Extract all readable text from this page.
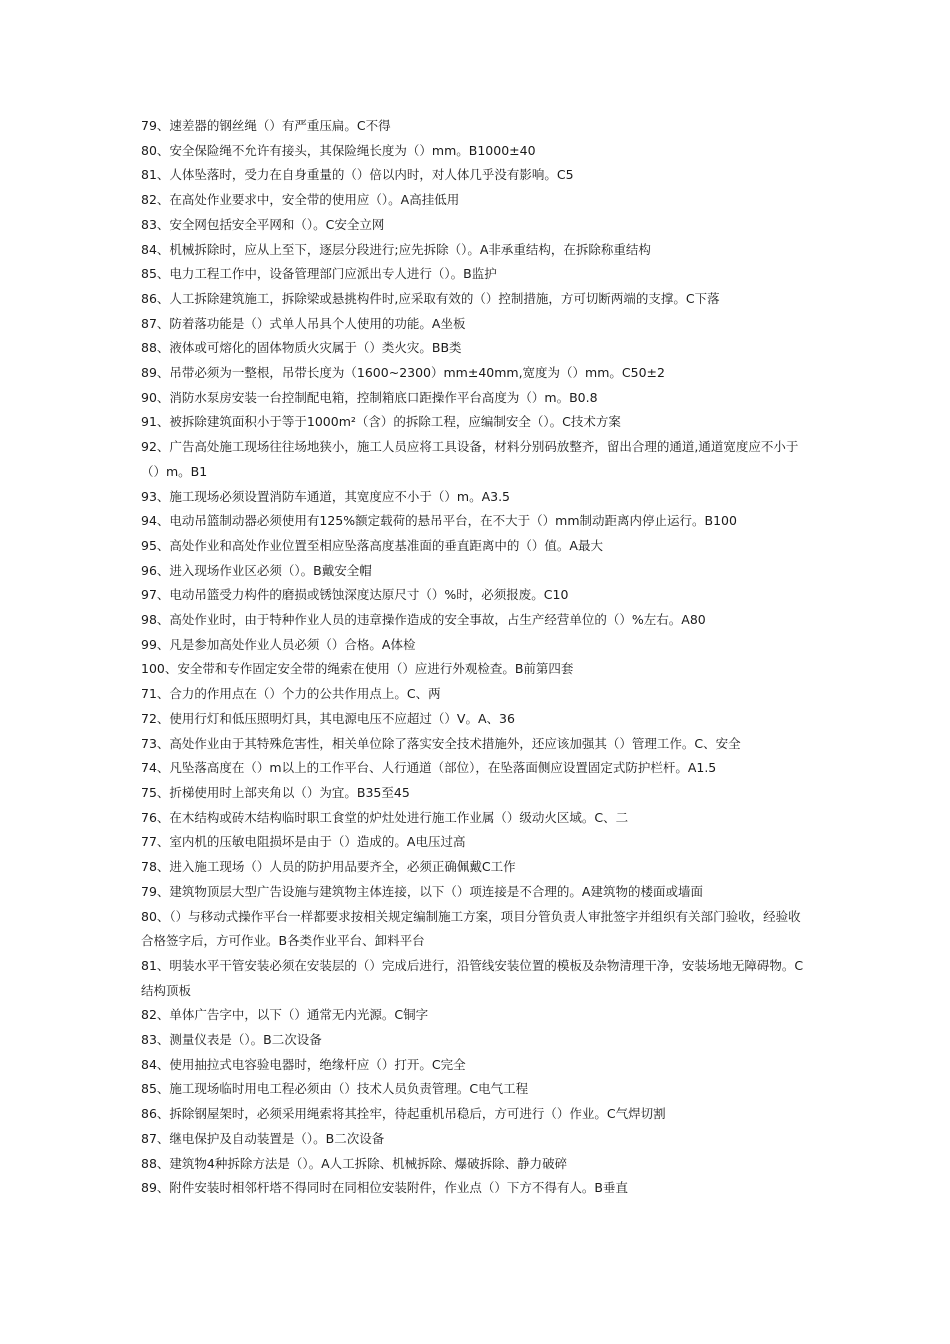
79、速差器的钢丝绳（）有严重压扁。C不得

80、安全保险绳不允许有接头，其保险绳长度为（）mm。B1000±40

81、人体坠落时，受力在自身重量的（）倍以内时，对人体几乎没有影响。C5

82、在高处作业要求中，安全带的使用应（）。A高挂低用

83、安全网包括安全平网和（）。C安全立网

84、机械拆除时，应从上至下，逐层分段进行;应先拆除（）。A非承重结构，在拆除称重结构

85、电力工程工作中，设备管理部门应派出专人进行（）。B监护

86、人工拆除建筑施工，拆除梁或悬挑构件时,应采取有效的（）控制措施，方可切断两端的支撑。C下落

87、防着落功能是（）式单人吊具个人使用的功能。A坐板

88、液体或可熔化的固体物质火灾属于（）类火灾。BB类

89、吊带必须为一整根，吊带长度为（1600~2300）mm±40mm,宽度为（）mm。C50±2

90、消防水泵房安装一台控制配电箱，控制箱底口距操作平台高度为（）m。B0.8

91、被拆除建筑面积小于等于1000m²（含）的拆除工程，应编制安全（）。C技术方案

92、广告高处施工现场往往场地狭小，施工人员应将工具设备，材料分别码放整齐，留出合理的通道,通道宽度应不小于（）m。B1

93、施工现场必须设置消防车通道，其宽度应不小于（）m。A3.5

94、电动吊篮制动器必须使用有125%额定载荷的悬吊平台，在不大于（）mm制动距离内停止运行。B100

95、高处作业和高处作业位置至相应坠落高度基准面的垂直距离中的（）值。A最大

96、进入现场作业区必须（）。B戴安全帽

97、电动吊篮受力构件的磨损或锈蚀深度达原尺寸（）%时，必须报废。C10

98、高处作业时，由于特种作业人员的违章操作造成的安全事故，占生产经营单位的（）%左右。A80

99、凡是参加高处作业人员必须（）合格。A体检

100、安全带和专作固定安全带的绳索在使用（）应进行外观检查。B前第四套

71、合力的作用点在（）个力的公共作用点上。C、两

72、使用行灯和低压照明灯具，其电源电压不应超过（）V。A、36

73、高处作业由于其特殊危害性，相关单位除了落实安全技术措施外，还应该加强其（）管理工作。C、安全

74、凡坠落高度在（）m以上的工作平台、人行通道（部位），在坠落面侧应设置固定式防护栏杆。A1.5

75、折梯使用时上部夹角以（）为宜。B35至45

76、在木结构或砖木结构临时职工食堂的炉灶处进行施工作业属（）级动火区域。C、二

77、室内机的压敏电阻损坏是由于（）造成的。A电压过高

78、进入施工现场（）人员的防护用品要齐全，必须正确佩戴C工作

79、建筑物顶层大型广告设施与建筑物主体连接，以下（）项连接是不合理的。A建筑物的楼面或墙面

80、（）与移动式操作平台一样都要求按相关规定编制施工方案，项目分管负责人审批签字并组织有关部门验收，经验收合格签字后，方可作业。B各类作业平台、卸料平台

81、明装水平干管安装必须在安装层的（）完成后进行，沿管线安装位置的模板及杂物清理干净，安装场地无障碍物。C结构顶板

82、单体广告字中，以下（）通常无内光源。C铜字

83、测量仪表是（）。B二次设备

84、使用抽拉式电容验电器时，绝缘杆应（）打开。C完全

85、施工现场临时用电工程必须由（）技术人员负责管理。C电气工程

86、拆除钢屋架时，必须采用绳索将其拴牢，待起重机吊稳后，方可进行（）作业。C气焊切割

87、继电保护及自动装置是（）。B二次设备

88、建筑物4种拆除方法是（）。A人工拆除、机械拆除、爆破拆除、静力破碎

89、附件安装时相邻杆塔不得同时在同相位安装附件，作业点（）下方不得有人。B垂直
